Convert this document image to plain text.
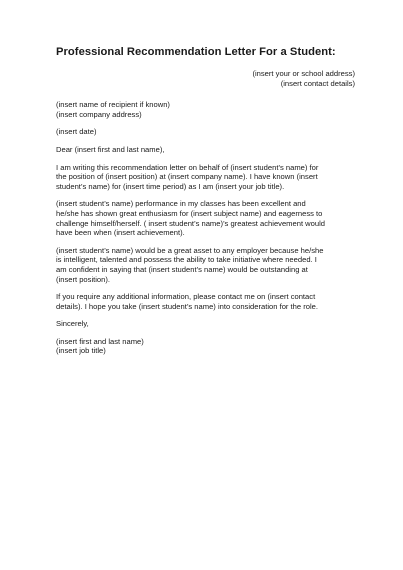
Professional Recommendation Letter For a Student:
(insert your or school address)
(insert contact details)
(insert name of recipient if known)
(insert company address)
(insert date)
Dear (insert first and last name),
I am writing this recommendation letter on behalf of (insert student’s name) for
the position of (insert position) at (insert company name). I have known (insert
student’s name) for (insert time period) as I am (insert your job title).
(insert student’s name) performance in my classes has been excellent and
he/she has shown great enthusiasm for (insert subject name) and eagerness to
challenge himself/herself. ( insert student’s name)’s greatest achievement would
have been when (insert achievement).
(insert student’s name) would be a great asset to any employer because he/she
is intelligent, talented and possess the ability to take initiative where needed. I
am confident in saying that (insert student’s name) would be outstanding at
(insert position).
If you require any additional information, please contact me on (insert contact
details). I hope you take (insert student’s name) into consideration for the role.
Sincerely,
(insert first and last name)
(insert job title)
